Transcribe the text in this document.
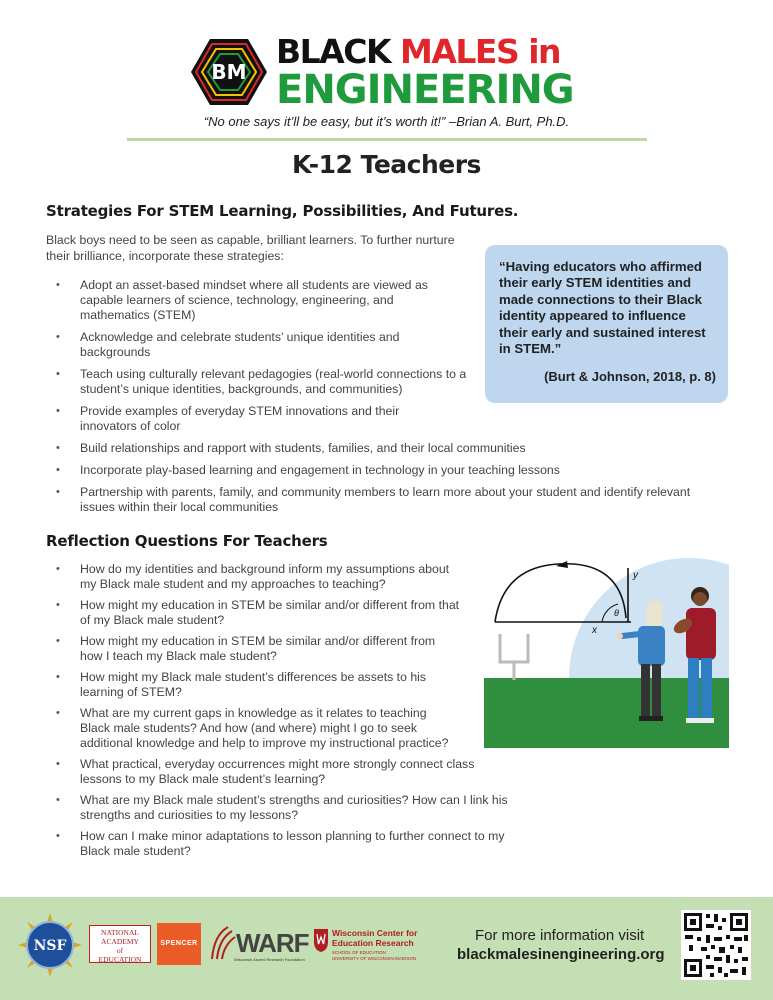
BM
BLACK MALES in
ENGINEERING
“No one says it’ll be easy, but it’s worth it!” –Brian A. Burt, Ph.D.
K-12 Teachers
Strategies For STEM Learning, Possibilities, And Futures.
Black boys need to be seen as capable, brilliant learners. To further nurture their brilliance, incorporate these strategies:
• Adopt an asset-based mindset where all students are viewed as capable learners of science, technology, engineering, and mathematics (STEM)
• Acknowledge and celebrate students’ unique identities and backgrounds
• Teach using culturally relevant pedagogies (real-world connections to a student’s unique identities, backgrounds, and communities)
• Provide examples of everyday STEM innovations and their innovators of color
• Build relationships and rapport with students, families, and their local communities
• Incorporate play-based learning and engagement in technology in your teaching lessons
• Partnership with parents, family, and community members to learn more about your student and identify relevant issues within their local communities
“Having educators who affirmed their early STEM identities and made connections to their Black identity appeared to influence their early and sustained interest in STEM.”
(Burt & Johnson, 2018, p. 8)
Reflection Questions For Teachers
• How do my identities and background inform my assumptions about my Black male student and my approaches to teaching?
• How might my education in STEM be similar and/or different from that of my Black male student?
• How might my education in STEM be similar and/or different from how I teach my Black male student?
• How might my Black male student’s differences be assets to his learning of STEM?
• What are my current gaps in knowledge as it relates to teaching Black male students? And how (and where) might I go to seek additional knowledge and help to improve my instructional practice?
• What practical, everyday occurrences might more strongly connect class lessons to my Black male student’s learning?
• What are my Black male student’s strengths and curiosities? How can I link his strengths and curiosities to my lessons?
• How can I make minor adaptations to lesson planning to further connect to my Black male student?
y
x
θ
NSF
NATIONAL
ACADEMY
of
EDUCATION
SPENCER WARF
Wisconsin Alumni Research Foundation
Wisconsin Center for Education Research
SCHOOL OF EDUCATION
UNIVERSITY OF WISCONSIN-MADISON
For more information visit
blackmalesinengineering.org
